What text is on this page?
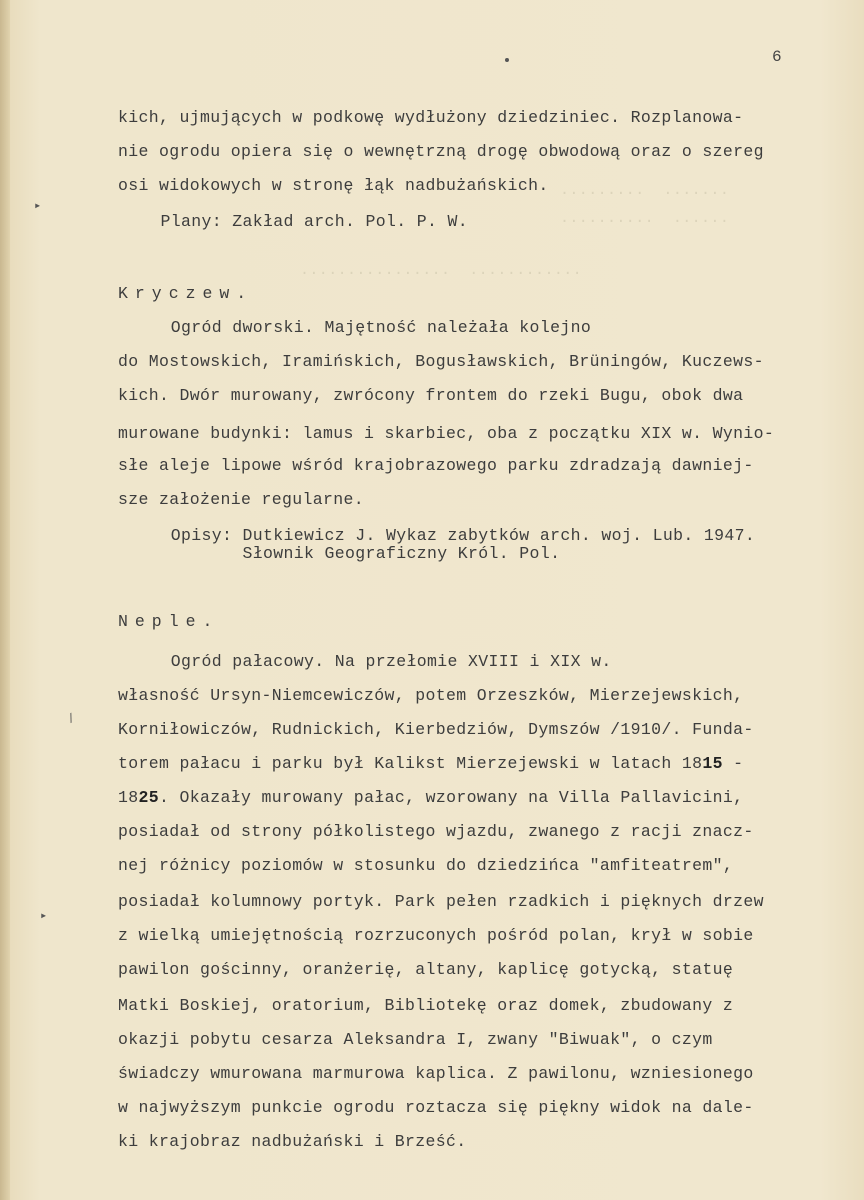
6
▸
/
▸
.........  .......
..........  ......
................  ............
kich, ujmujących w podkowę wydłużony dziedziniec. Rozplanowa-
nie ogrodu opiera się o wewnętrzną drogę obwodową oraz o szereg
osi widokowych w stronę łąk nadbużańskich.
Plany: Zakład arch. Pol. P. W.
Kryczew.
Ogród dworski. Majętność należała kolejno
do Mostowskich, Iramińskich, Bogusławskich, Brüningów, Kuczews-
kich. Dwór murowany, zwrócony frontem do rzeki Bugu, obok dwa
murowane budynki: lamus i skarbiec, oba z początku XIX w. Wynio-
słe aleje lipowe wśród krajobrazowego parku zdradzają dawniej-
sze założenie regularne.
Opisy: Dutkiewicz J. Wykaz zabytków arch. woj. Lub. 1947.
Słownik Geograficzny Król. Pol.
Neple.
Ogród pałacowy. Na przełomie XVIII i XIX w.
własność Ursyn-Niemcewiczów, potem Orzeszków, Mierzejewskich,
Korniłowiczów, Rudnickich, Kierbedziów, Dymszów /1910/. Funda-
torem pałacu i parku był Kalikst Mierzejewski w latach 1815 -
1825. Okazały murowany pałac, wzorowany na Villa Pallavicini,
posiadał od strony półkolistego wjazdu, zwanego z racji znacz-
nej różnicy poziomów w stosunku do dziedzińca "amfiteatrem",
posiadał kolumnowy portyk. Park pełen rzadkich i pięknych drzew
z wielką umiejętnością rozrzuconych pośród polan, krył w sobie
pawilon gościnny, oranżerię, altany, kaplicę gotycką, statuę
Matki Boskiej, oratorium, Bibliotekę oraz domek, zbudowany z
okazji pobytu cesarza Aleksandra I, zwany "Biwuak", o czym
świadczy wmurowana marmurowa kaplica. Z pawilonu, wzniesionego
w najwyższym punkcie ogrodu roztacza się piękny widok na dale-
ki krajobraz nadbużański i Brześć.
